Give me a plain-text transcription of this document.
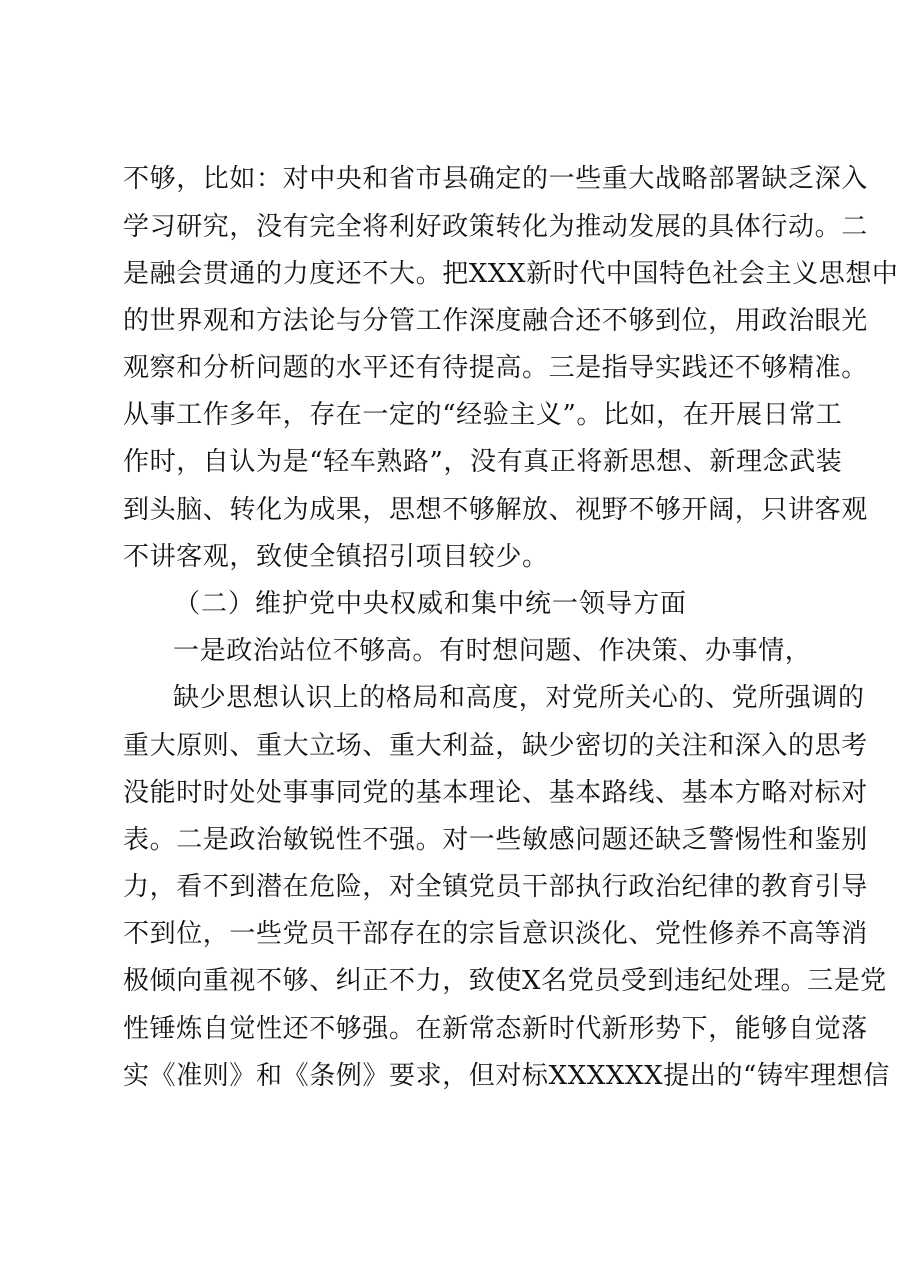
不够，比如：对中央和省市县确定的一些重大战略部署缺乏深入
学习研究，没有完全将利好政策转化为推动发展的具体行动。二
是融会贯通的力度还不大。把XXX新时代中国特色社会主义思想中
的世界观和方法论与分管工作深度融合还不够到位，用政治眼光
观察和分析问题的水平还有待提高。三是指导实践还不够精准。
从事工作多年，存在一定的“经验主义”。比如，在开展日常工
作时，自认为是“轻车熟路”，没有真正将新思想、新理念武装
到头脑、转化为成果，思想不够解放、视野不够开阔，只讲客观
不讲客观，致使全镇招引项目较少。
（二）维护党中央权威和集中统一领导方面
一是政治站位不够高。有时想问题、作决策、办事情，
缺少思想认识上的格局和高度，对党所关心的、党所强调的
重大原则、重大立场、重大利益，缺少密切的关注和深入的思考
没能时时处处事事同党的基本理论、基本路线、基本方略对标对
表。二是政治敏锐性不强。对一些敏感问题还缺乏警惕性和鉴别
力，看不到潜在危险，对全镇党员干部执行政治纪律的教育引导
不到位，一些党员干部存在的宗旨意识淡化、党性修养不高等消
极倾向重视不够、纠正不力，致使X名党员受到违纪处理。三是党
性锤炼自觉性还不够强。在新常态新时代新形势下，能够自觉落
实《准则》和《条例》要求，但对标XXXXXX提出的“铸牢理想信
